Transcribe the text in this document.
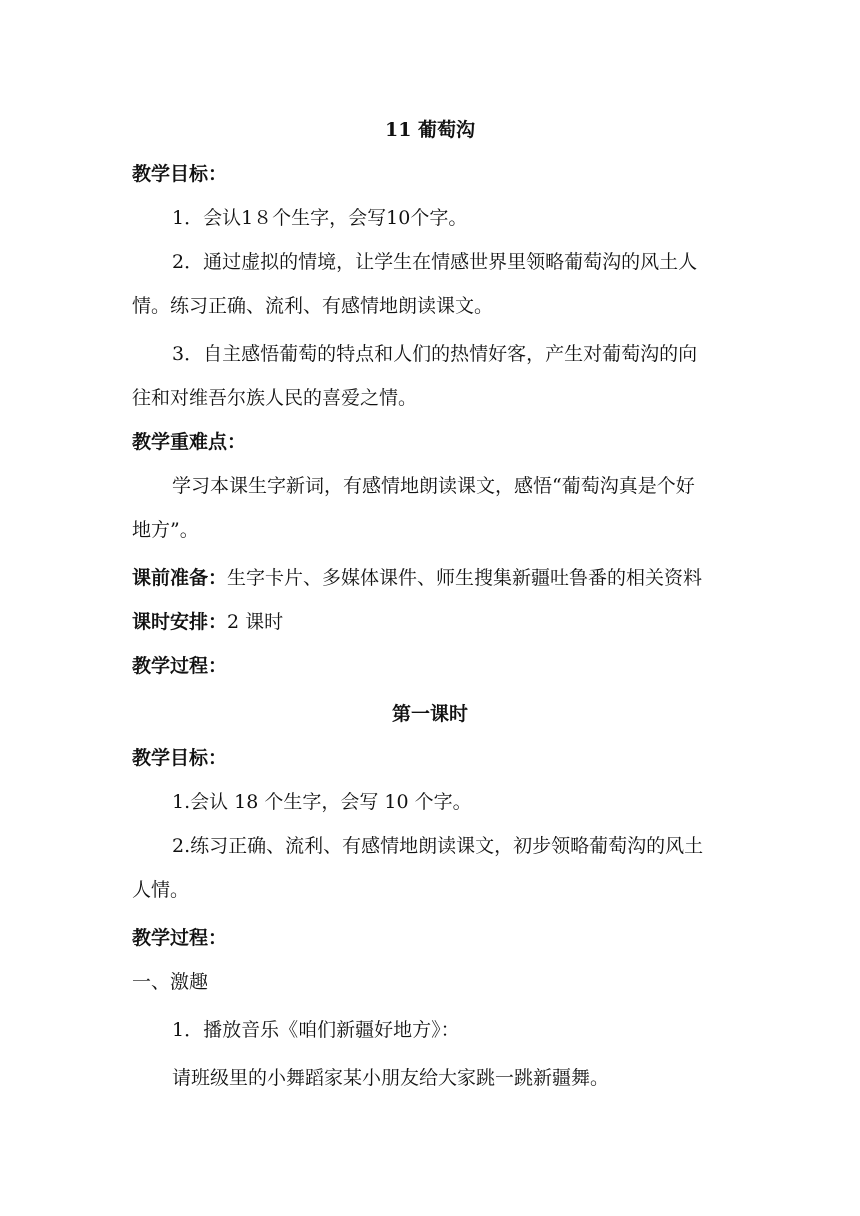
11 葡萄沟
教学目标：
1．会认1８个生字，会写10个字。
2．通过虚拟的情境，让学生在情感世界里领略葡萄沟的风土人
情。练习正确、流利、有感情地朗读课文。
3．自主感悟葡萄的特点和人们的热情好客，产生对葡萄沟的向
往和对维吾尔族人民的喜爱之情。
教学重难点：
学习本课生字新词，有感情地朗读课文，感悟“葡萄沟真是个好
地方”。
课前准备：生字卡片、多媒体课件、师生搜集新疆吐鲁番的相关资料
课时安排：2 课时
教学过程：
第一课时
教学目标：
1.会认 18 个生字，会写 10 个字。
2.练习正确、流利、有感情地朗读课文，初步领略葡萄沟的风土
人情。
教学过程：
一、激趣
1．播放音乐《咱们新疆好地方》：
请班级里的小舞蹈家某小朋友给大家跳一跳新疆舞。
